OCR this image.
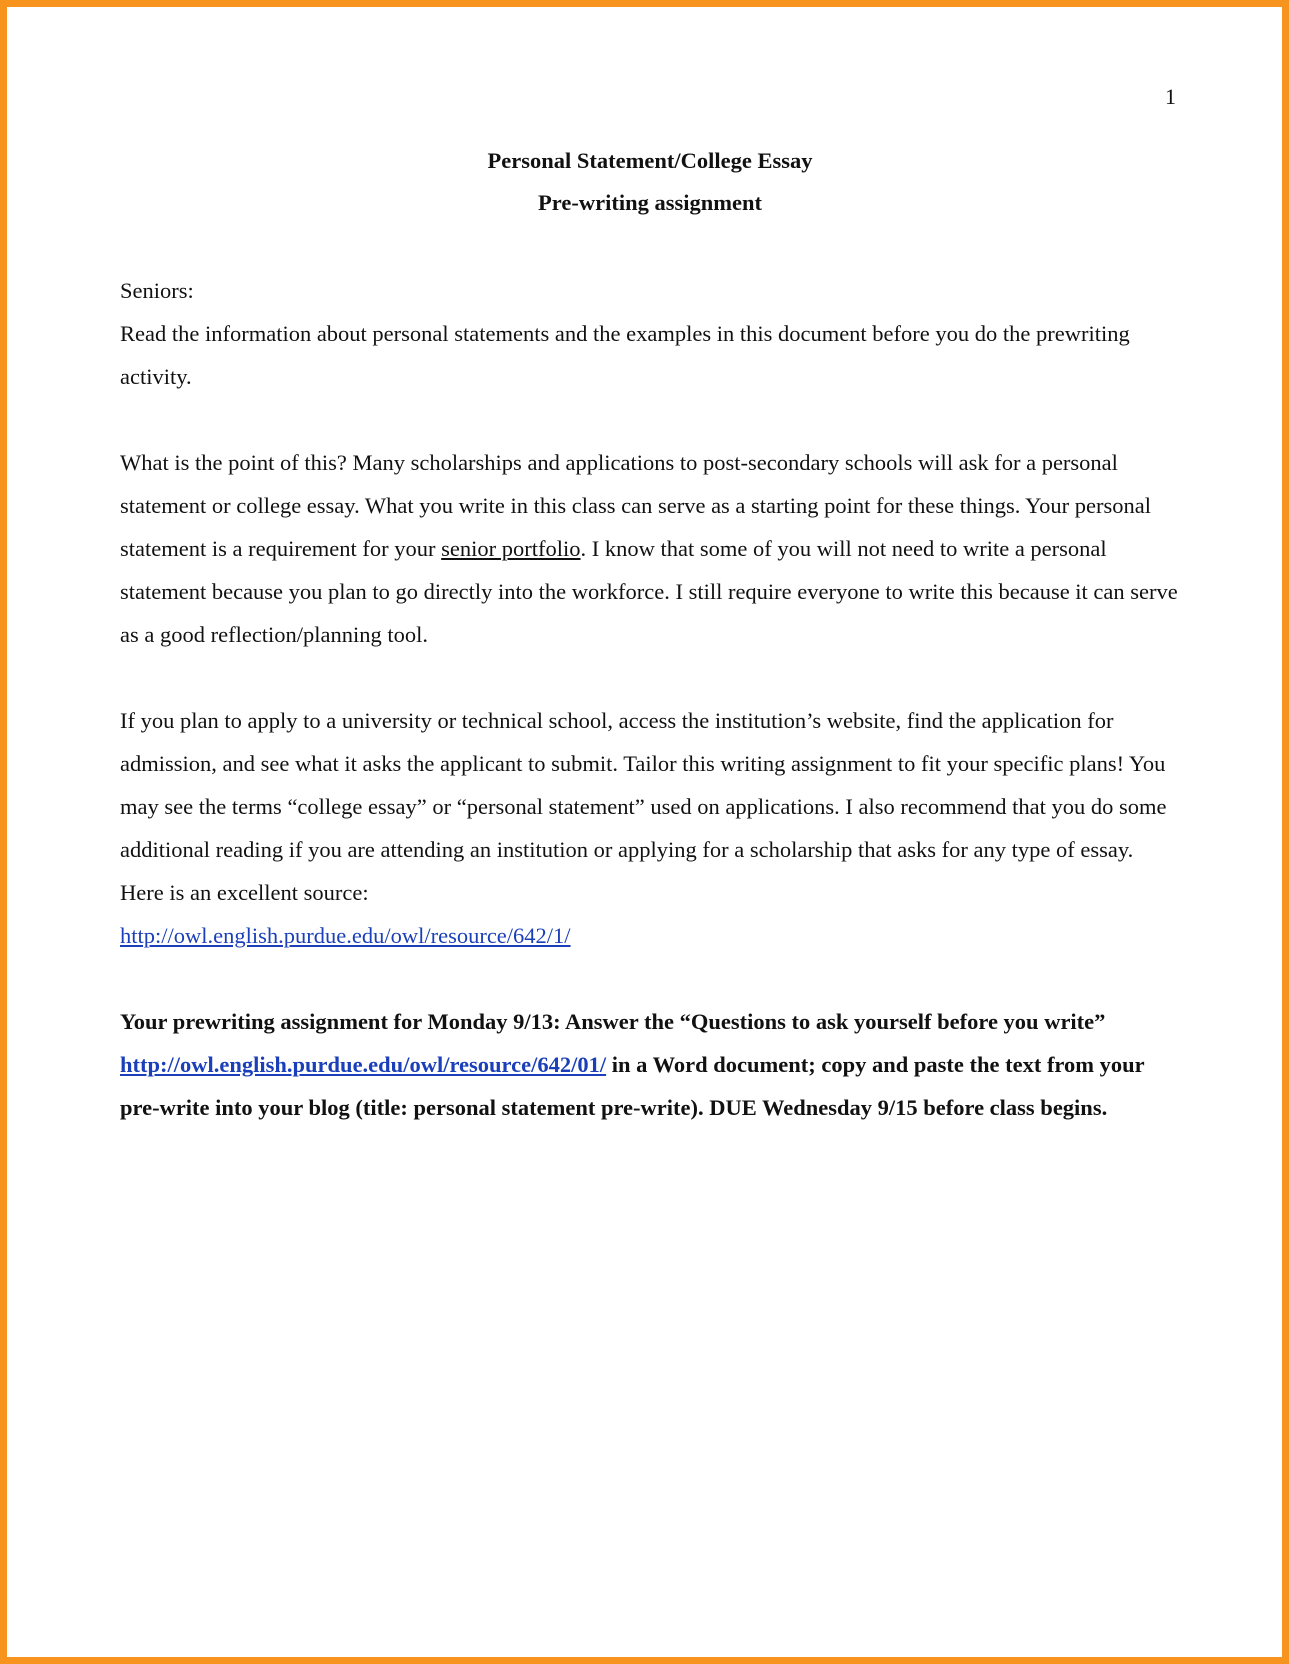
1
Personal Statement/College Essay
Pre-writing assignment

Seniors:

Read the information about personal statements and the examples in this document before you do the prewriting activity.

What is the point of this? Many scholarships and applications to post-secondary schools will ask for a personal statement or college essay. What you write in this class can serve as a starting point for these things. Your personal statement is a requirement for your senior portfolio. I know that some of you will not need to write a personal statement because you plan to go directly into the workforce. I still require everyone to write this because it can serve as a good reflection/planning tool.

If you plan to apply to a university or technical school, access the institution’s website, find the application for admission, and see what it asks the applicant to submit. Tailor this writing assignment to fit your specific plans! You may see the terms “college essay” or “personal statement” used on applications. I also recommend that you do some additional reading if you are attending an institution or applying for a scholarship that asks for any type of essay. Here is an excellent source:
http://owl.english.purdue.edu/owl/resource/642/1/

Your prewriting assignment for Monday 9/13: Answer the “Questions to ask yourself before you write” http://owl.english.purdue.edu/owl/resource/642/01/ in a Word document; copy and paste the text from your pre-write into your blog (title: personal statement pre-write). DUE Wednesday 9/15 before class begins.
